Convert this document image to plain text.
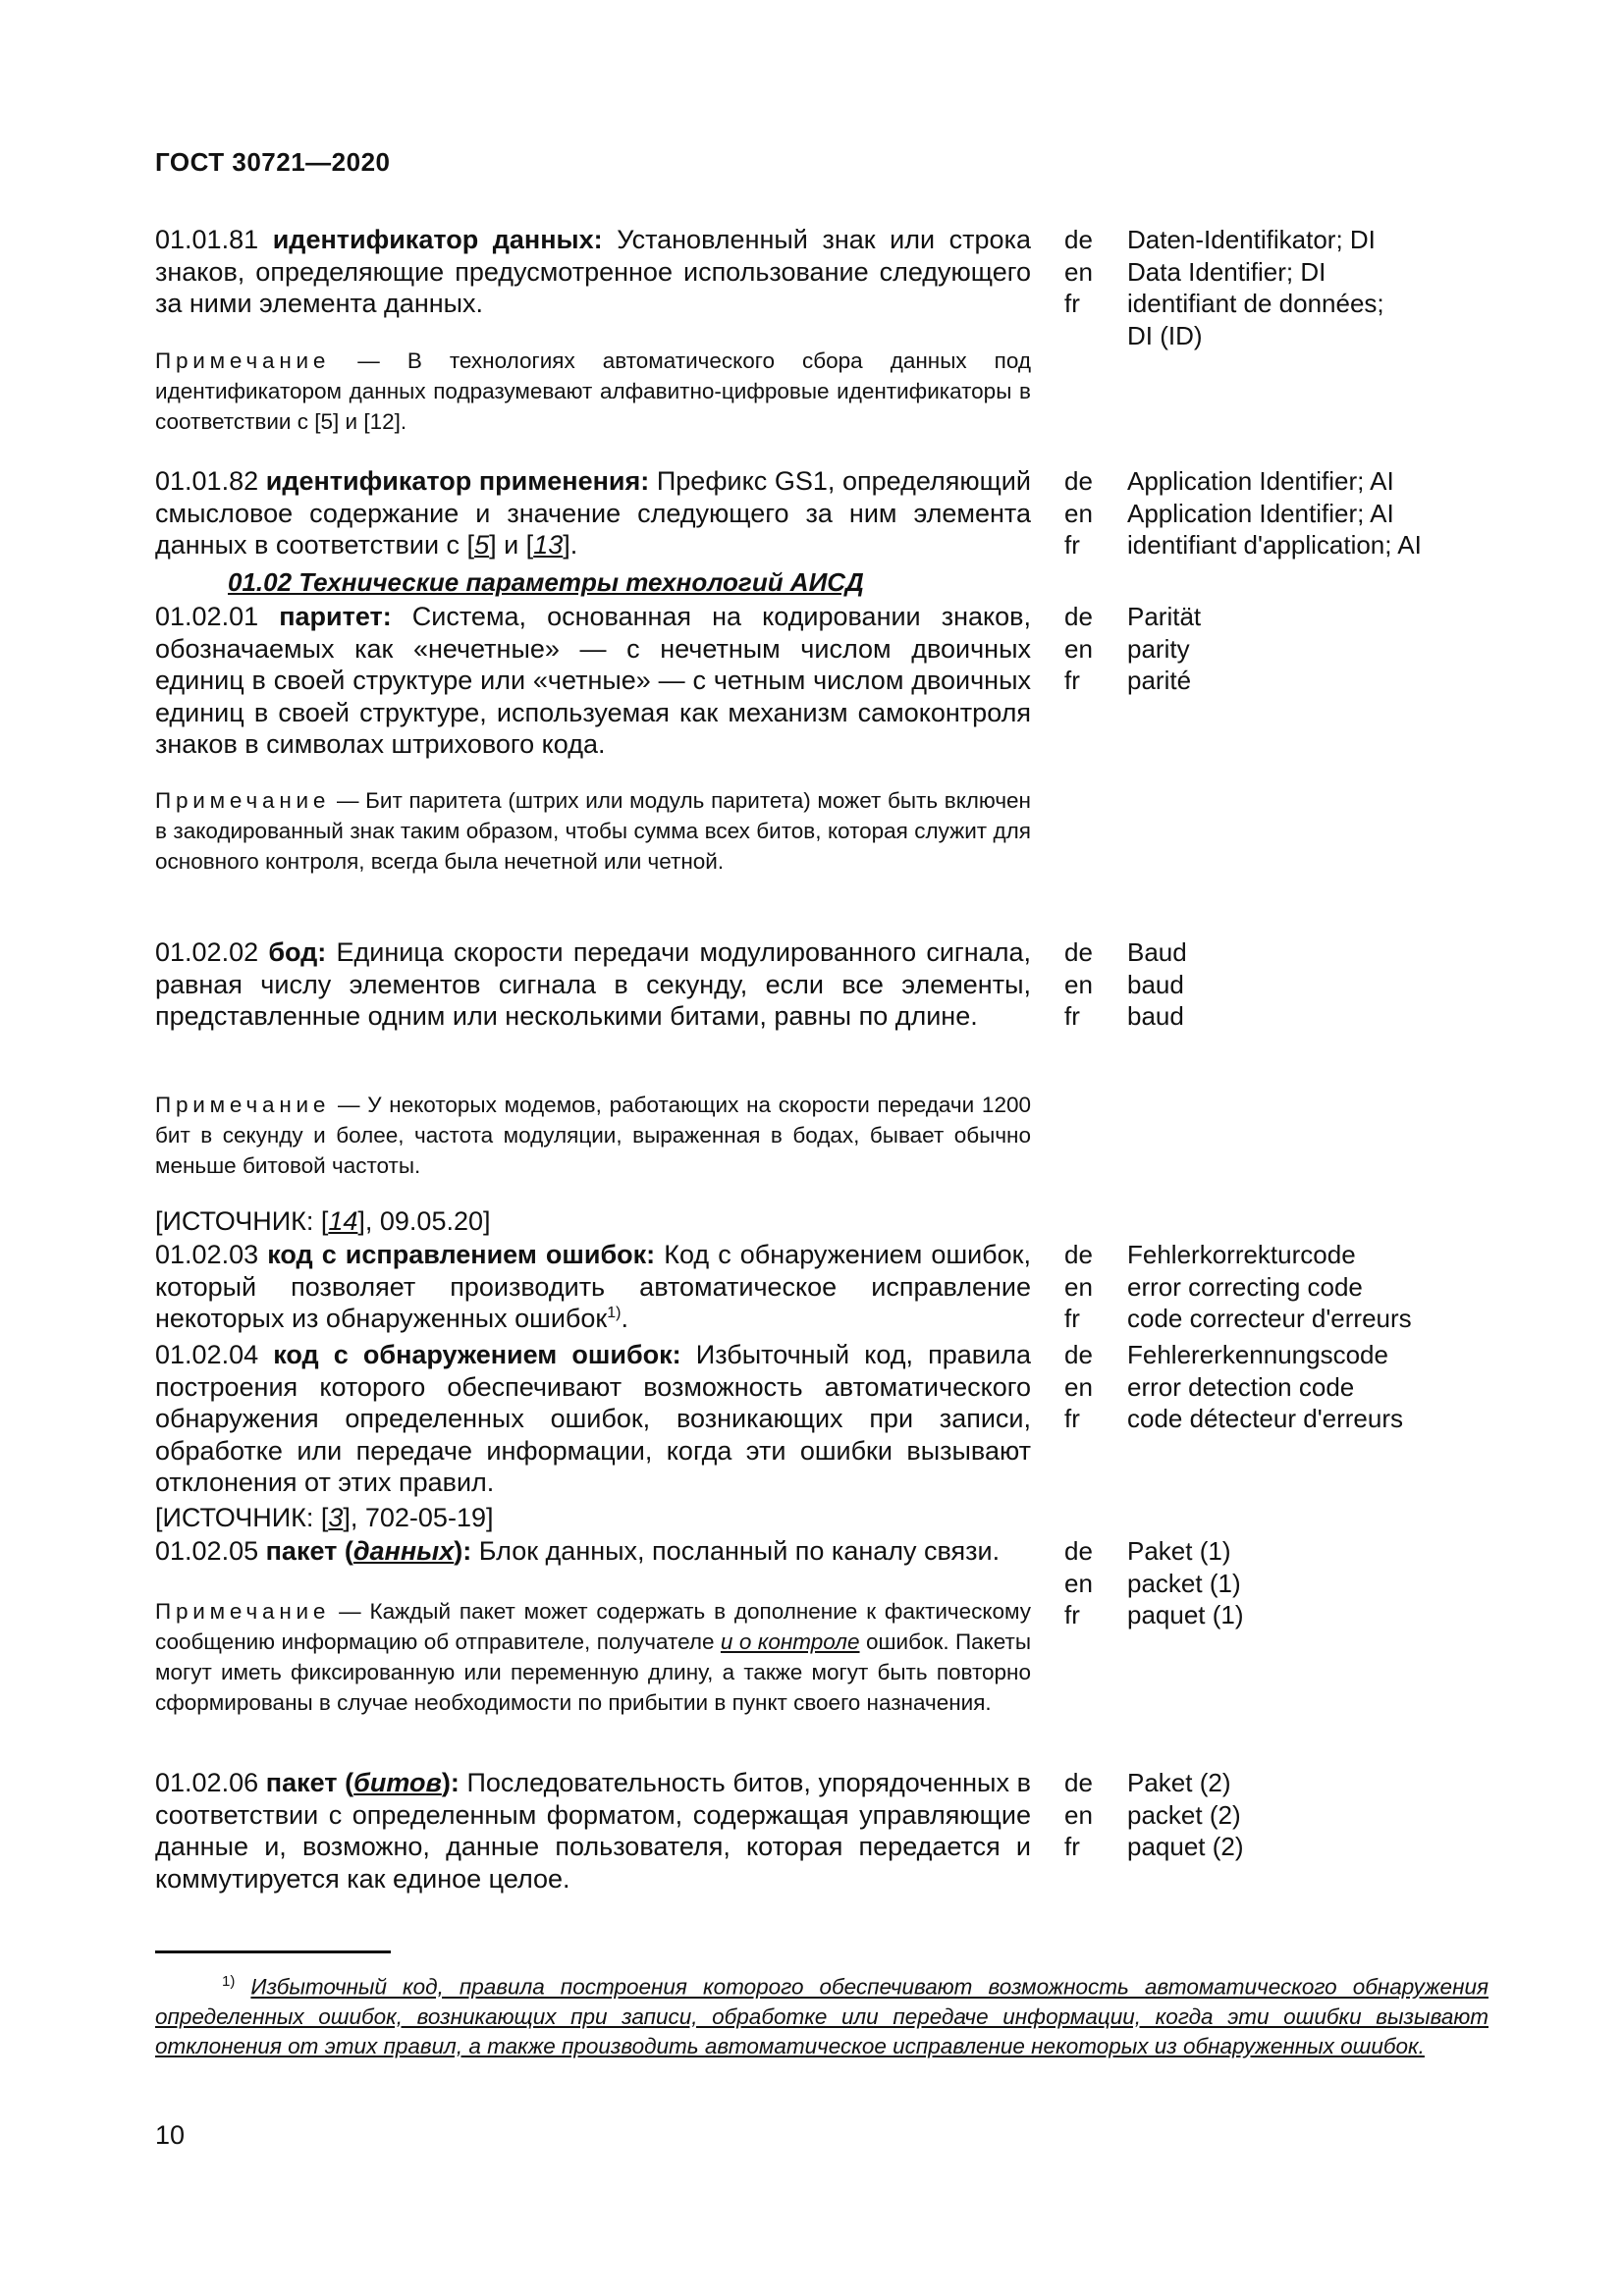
ГОСТ 30721—2020
01.01.81 идентификатор данных: Установленный знак или строка знаков, определяющие предусмотренное использование следующего за ними элемента данных.
de
en
fr
Daten-Identifikator; DI
Data Identifier; DI
identifiant de données;
DI (ID)
Примечание — В технологиях автоматического сбора данных под идентификатором данных подразумевают алфавитно-цифровые идентификаторы в соответствии с [5] и [12].
01.01.82 идентификатор применения: Префикс GS1, определяющий смысловое содержание и значение следующего за ним элемента данных в соответствии с [5] и [13].
de
en
fr
Application Identifier; AI
Application Identifier; AI
identifiant d'application; AI
01.02 Технические параметры технологий АИСД
01.02.01 паритет: Система, основанная на кодировании знаков, обозначаемых как «нечетные» — с нечетным числом двоичных единиц в своей структуре или «четные» — с четным числом двоичных единиц в своей структуре, используемая как механизм самоконтроля знаков в символах штрихового кода.
de
en
fr
Parität
parity
parité
Примечание — Бит паритета (штрих или модуль паритета) может быть включен в закодированный знак таким образом, чтобы сумма всех битов, которая служит для основного контроля, всегда была нечетной или четной.
01.02.02 бод: Единица скорости передачи модулированного сигнала, равная числу элементов сигнала в секунду, если все элементы, представленные одним или несколькими битами, равны по длине.
de
en
fr
Baud
baud
baud
Примечание — У некоторых модемов, работающих на скорости передачи 1200 бит в секунду и более, частота модуляции, выраженная в бодах, бывает обычно меньше битовой частоты.
[ИСТОЧНИК: [14], 09.05.20]
01.02.03 код с исправлением ошибок: Код с обнаружением ошибок, который позволяет производить автоматическое исправление некоторых из обнаруженных ошибок$^{1)}$.
de
en
fr
Fehlerkorrekturcode
error correcting code
code correcteur d'erreurs
01.02.04 код с обнаружением ошибок: Избыточный код, правила построения которого обеспечивают возможность автоматического обнаружения определенных ошибок, возникающих при записи, обработке или передаче информации, когда эти ошибки вызывают отклонения от этих правил.
de
en
fr
Fehlererkennungscode
error detection code
code détecteur d'erreurs
[ИСТОЧНИК: [3], 702-05-19]
01.02.05 пакет (данных): Блок данных, посланный по каналу связи.	de
en
fr
Paket (1)
packet (1)
paquet (1)
Примечание — Каждый пакет может содержать в дополнение к фактическому сообщению информацию об отправителе, получателе и о контроле ошибок. Пакеты могут иметь фиксированную или переменную длину, а также могут быть повторно сформированы в случае необходимости по прибытии в пункт своего назначения.
01.02.06 пакет (битов): Последовательность битов, упорядоченных в соответствии с определенным форматом, содержащая управляющие данные и, возможно, данные пользователя, которая передается и коммутируется как единое целое.
de
en
fr
Paket (2)
packet (2)
paquet (2)
$^{1)}$ Избыточный код, правила построения которого обеспечивают возможность автоматического обнаружения определенных ошибок, возникающих при записи, обработке или передаче информации, когда эти ошибки вызывают отклонения от этих правил, а также производить автоматическое исправление некоторых из обнаруженных ошибок.
10
